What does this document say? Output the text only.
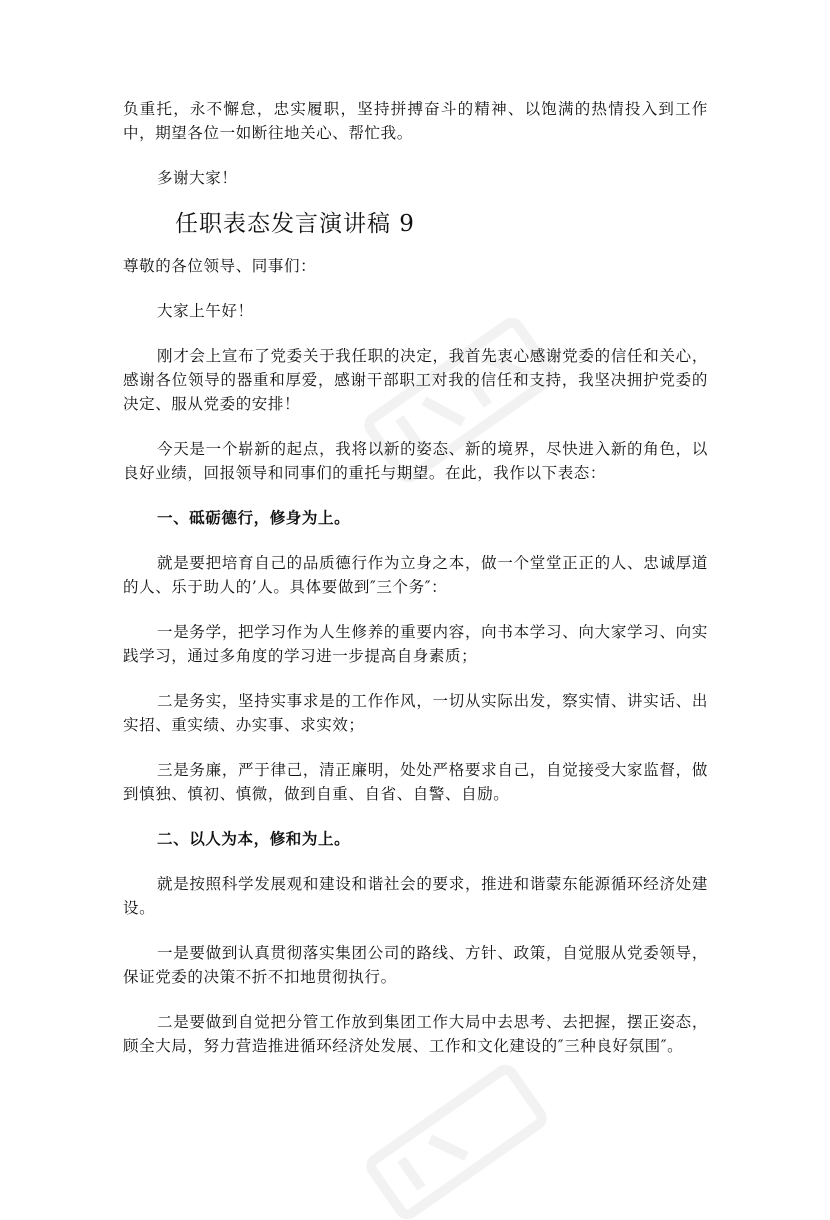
负重托，永不懈怠，忠实履职，坚持拼搏奋斗的精神、以饱满的热情投入到工作中，期望各位一如断往地关心、帮忙我。

多谢大家！

任职表态发言演讲稿 9

尊敬的各位领导、同事们：

大家上午好！

刚才会上宣布了党委关于我任职的决定，我首先衷心感谢党委的信任和关心，感谢各位领导的器重和厚爱，感谢干部职工对我的信任和支持，我坚决拥护党委的决定、服从党委的安排！

今天是一个崭新的起点，我将以新的姿态、新的境界，尽快进入新的角色，以良好业绩，回报领导和同事们的重托与期望。在此，我作以下表态：

一、砥砺德行，修身为上。

就是要把培育自己的品质德行作为立身之本，做一个堂堂正正的人、忠诚厚道的人、乐于助人的’人。具体要做到″三个务″：

一是务学，把学习作为人生修养的重要内容，向书本学习、向大家学习、向实践学习，通过多角度的学习进一步提高自身素质；

二是务实，坚持实事求是的工作作风，一切从实际出发，察实情、讲实话、出实招、重实绩、办实事、求实效；

三是务廉，严于律己，清正廉明，处处严格要求自己，自觉接受大家监督，做到慎独、慎初、慎微，做到自重、自省、自警、自励。

二、以人为本，修和为上。

就是按照科学发展观和建设和谐社会的要求，推进和谐蒙东能源循环经济处建设。

一是要做到认真贯彻落实集团公司的路线、方针、政策，自觉服从党委领导，保证党委的决策不折不扣地贯彻执行。

二是要做到自觉把分管工作放到集团工作大局中去思考、去把握，摆正姿态，顾全大局，努力营造推进循环经济处发展、工作和文化建设的″三种良好氛围″。
